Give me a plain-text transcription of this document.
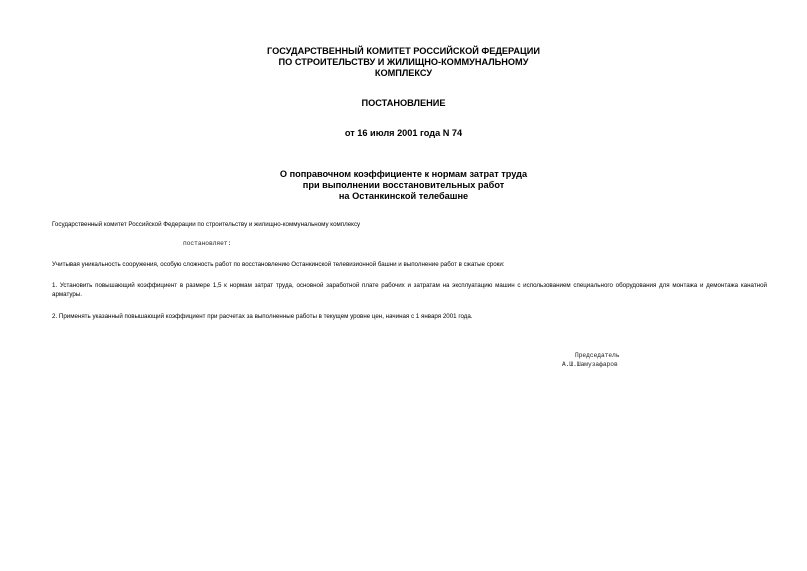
ГОСУДАРСТВЕННЫЙ КОМИТЕТ РОССИЙСКОЙ ФЕДЕРАЦИИ
ПО СТРОИТЕЛЬСТВУ И ЖИЛИЩНО-КОММУНАЛЬНОМУ
КОМПЛЕКСУ
ПОСТАНОВЛЕНИЕ
от 16 июля 2001 года N 74
О поправочном коэффициенте к нормам затрат труда
при выполнении восстановительных работ
на Останкинской телебашне
Государственный комитет Российской Федерации по строительству и жилищно-коммунальному комплексу
постановляет:
Учитывая уникальность сооружения, особую сложность работ по восстановлению Останкинской телевизионной башни и выполнение работ в сжатые сроки:
1. Установить повышающий коэффициент в размере 1,5 к нормам затрат труда, основной заработной плате рабочих и затратам на эксплуатацию машин с использованием специального оборудования для монтажа и демонтажа канатной арматуры.
2. Применять указанный повышающий коэффициент при расчетах за выполненные работы в текущем уровне цен, начиная с 1 января 2001 года.
Председатель
А.Ш.Шамузафаров
